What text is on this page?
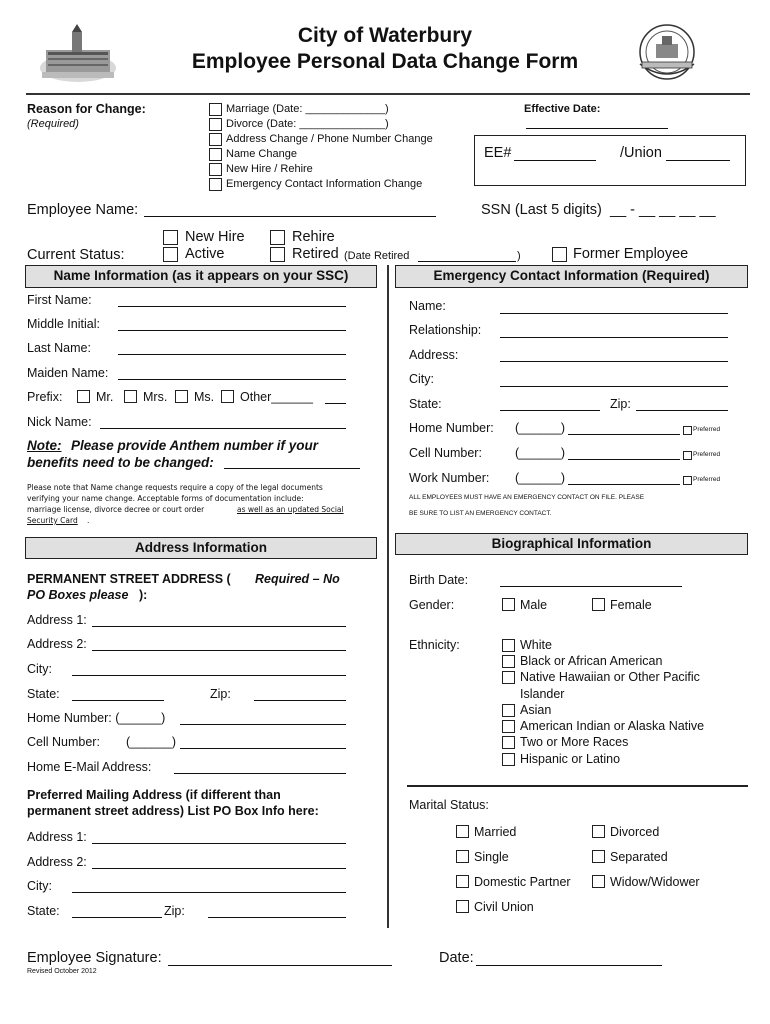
City of Waterbury
Employee Personal Data Change Form
Reason for Change:
(Required)
Marriage (Date: _____________)
Divorce (Date: ______________)
Address Change / Phone Number Change
Name Change
New Hire / Rehire
Emergency Contact Information Change
Effective Date:
EE#	/Union
Employee Name:	SSN (Last 5 digits) __ - __ __ __ __
New Hire	Rehire
Current Status:	Active	Retired (Date Retired	)	Former Employee
Name Information (as it appears on your SSC)	Emergency Contact Information (Required)
First Name:
Middle Initial:
Last Name:
Maiden Name:
Prefix:	Mr. Mrs. Ms. Other______
Nick Name:
Note: Please provide Anthem number if your
benefits need to be changed:
Please note that Name change requests require a copy of the legal documents
verifying your name change. Acceptable forms of documentation include:
marriage license, divorce decree or court order	as well as an updated Social
Security Card .
Name:
Relationship:
Address:
City:
State:	Zip:
Home Number: (______)	Preferred
Cell Number:	(______)	Preferred
Work Number: (______)	Preferred
ALL EMPLOYEES MUST HAVE AN EMERGENCY CONTACT ON FILE. PLEASE
BE SURE TO LIST AN EMERGENCY CONTACT.
Address Information
PERMANENT STREET ADDRESS ( Required – No
PO Boxes please ):
Address 1:
Address 2:
City:
State:	Zip:
Home Number: (______)
Cell Number: (______)
Home E-Mail Address:
Preferred Mailing Address (if different than
permanent street address) List PO Box Info here:
Address 1:
Address 2:
City:
State:	Zip:
Biographical Information
Birth Date:
Gender:	Male	Female
Ethnicity:	White
Black or African American
Native Hawaiian or Other Pacific
Islander
Asian
American Indian or Alaska Native
Two or More Races
Hispanic or Latino
Marital Status:
Married	Divorced
Single	Separated
Domestic Partner	Widow/Widower
Civil Union
Employee Signature:	Date:
Revised October 2012
